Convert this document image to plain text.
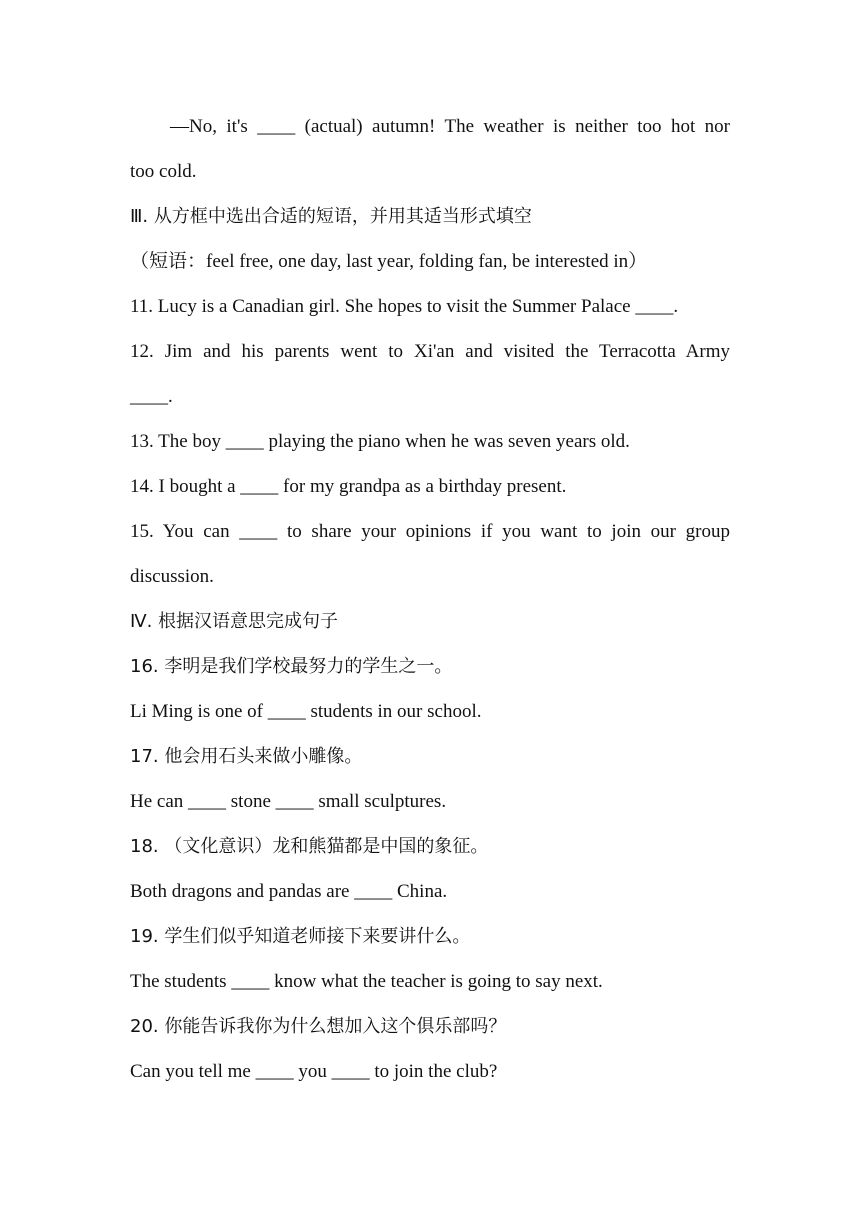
—No, it's ____ (actual) autumn! The weather is neither too hot nor
too cold.
Ⅲ. 从方框中选出合适的短语，并用其适当形式填空
（短语：feel free, one day, last year, folding fan, be interested in）
11. Lucy is a Canadian girl. She hopes to visit the Summer Palace ____.
12. Jim and his parents went to Xi'an and visited the Terracotta Army
____.
13. The boy ____ playing the piano when he was seven years old.
14. I bought a ____ for my grandpa as a birthday present.
15. You can ____ to share your opinions if you want to join our group
discussion.
Ⅳ. 根据汉语意思完成句子
16. 李明是我们学校最努力的学生之一。
Li Ming is one of ____ students in our school.
17. 他会用石头来做小雕像。
He can ____ stone ____ small sculptures.
18. （文化意识）龙和熊猫都是中国的象征。
Both dragons and pandas are ____ China.
19. 学生们似乎知道老师接下来要讲什么。
The students ____ know what the teacher is going to say next.
20. 你能告诉我你为什么想加入这个俱乐部吗？
Can you tell me ____ you ____ to join the club?
